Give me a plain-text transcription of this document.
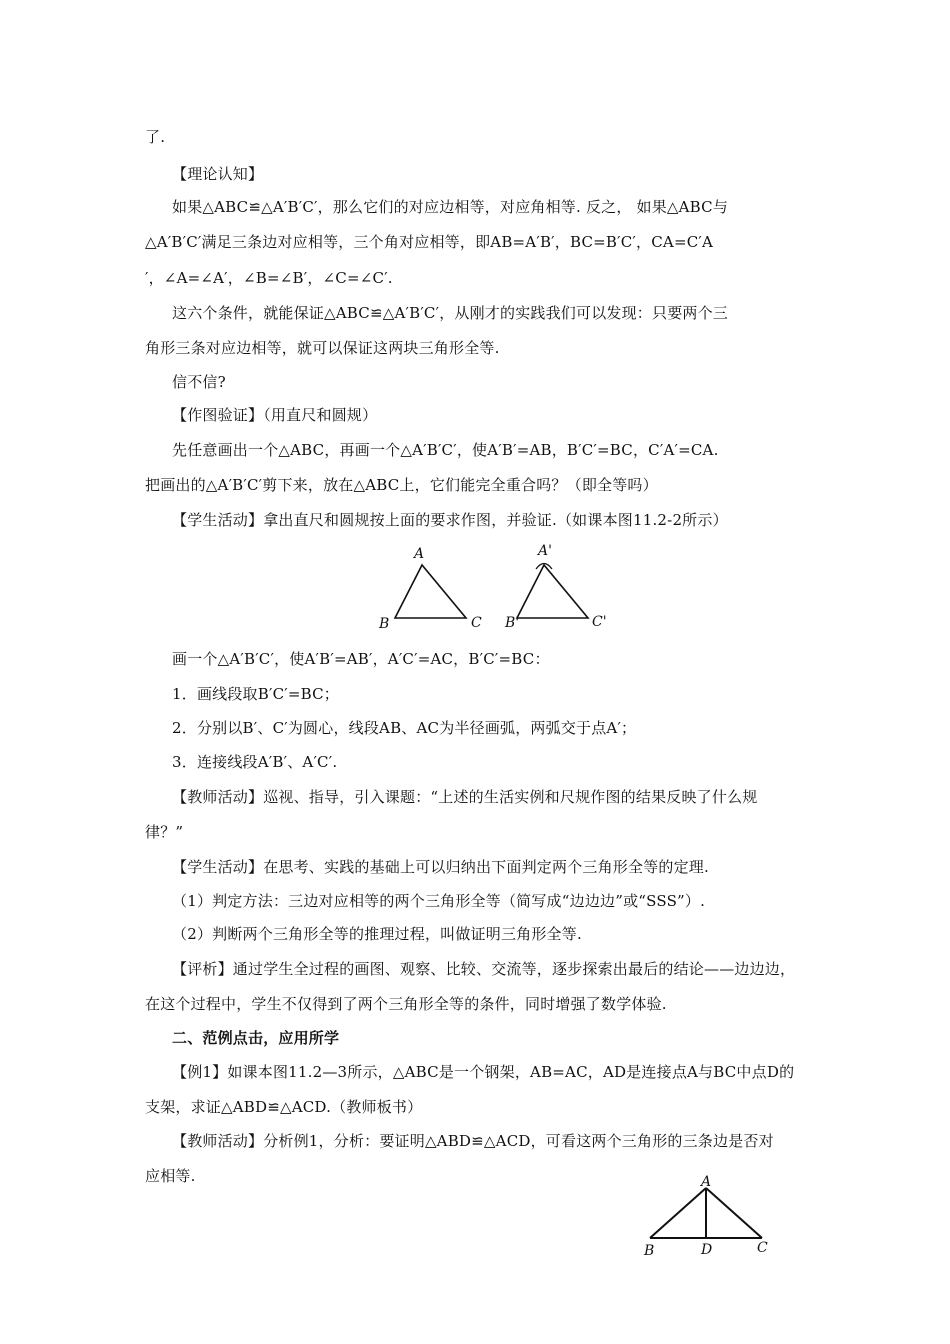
了.
【理论认知】
如果△ABC≌△A′B′C′，那么它们的对应边相等，对应角相等. 反之， 如果△ABC与
△A′B′C′满足三条边对应相等，三个角对应相等，即AB=A′B′，BC=B′C′，CA=C′A
′，∠A=∠A′，∠B=∠B′，∠C=∠C′.
这六个条件，就能保证△ABC≌△A′B′C′，从刚才的实践我们可以发现：只要两个三
角形三条对应边相等，就可以保证这两块三角形全等.
信不信?
【作图验证】（用直尺和圆规）
先任意画出一个△ABC，再画一个△A′B′C′，使A′B′=AB，B′C′=BC，C′A′=CA.
把画出的△A′B′C′剪下来，放在△ABC上，它们能完全重合吗？（即全等吗）
【学生活动】拿出直尺和圆规按上面的要求作图，并验证.（如课本图11.2-2所示）
A
B	C
A'
B'	C'
画一个△A′B′C′，使A′B′=AB′，A′C′=AC，B′C′=BC：
1．画线段取B′C′=BC；
2．分别以B′、C′为圆心，线段AB、AC为半径画弧，两弧交于点A′；
3．连接线段A′B′、A′C′.
【教师活动】巡视、指导，引入课题：“上述的生活实例和尺规作图的结果反映了什么规
律？”
【学生活动】在思考、实践的基础上可以归纳出下面判定两个三角形全等的定理.
（1）判定方法：三边对应相等的两个三角形全等（简写成“边边边”或“SSS”）.
（2）判断两个三角形全等的推理过程，叫做证明三角形全等.
【评析】通过学生全过程的画图、观察、比较、交流等，逐步探索出最后的结论——边边边，
在这个过程中，学生不仅得到了两个三角形全等的条件，同时增强了数学体验.
二、范例点击，应用所学
【例1】如课本图11.2—3所示，△ABC是一个钢架，AB=AC，AD是连接点A与BC中点D的
支架，求证△ABD≌△ACD.（教师板书）
【教师活动】分析例1，分析：要证明△ABD≌△ACD，可看这两个三角形的三条边是否对
应相等.	A
B	D	C
